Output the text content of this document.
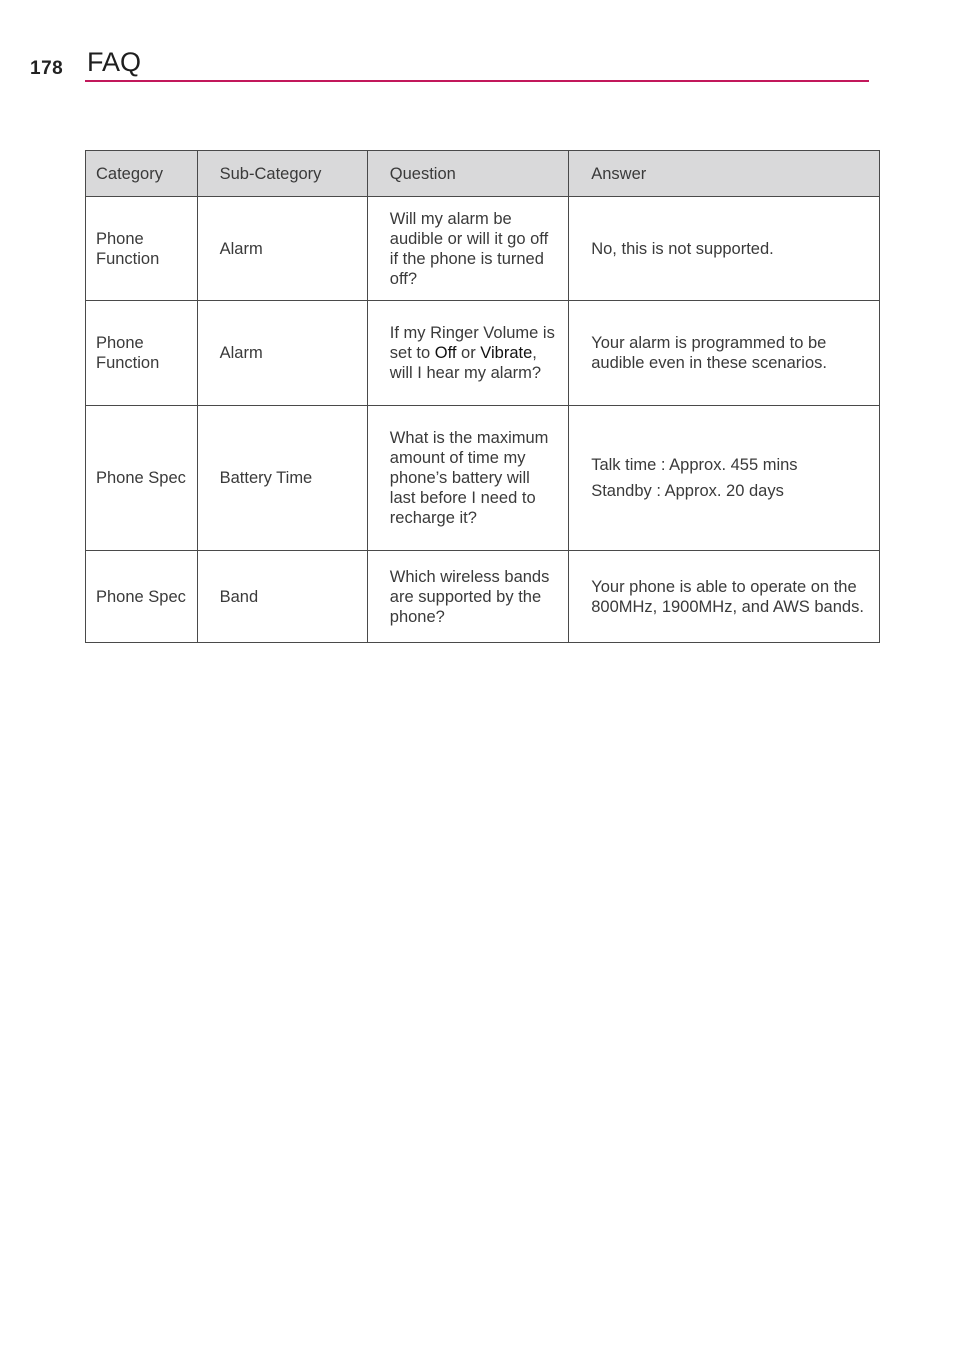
178 FAQ
Category	Sub-Category	Question	Answer
Phone Function	Alarm	Will my alarm be audible or will it go off if the phone is turned off?	No, this is not supported.
Phone Function	Alarm	If my Ringer Volume is set to Off or Vibrate, will I hear my alarm?	Your alarm is programmed to be audible even in these scenarios.
Phone Spec	Battery Time	What is the maximum amount of time my phone’s battery will last before I need to recharge it?	Talk time : Approx. 455 mins
Standby : Approx. 20 days

Phone Spec	Band	Which wireless bands are supported by the phone?	Your phone is able to operate on the 800MHz, 1900MHz, and AWS bands.
